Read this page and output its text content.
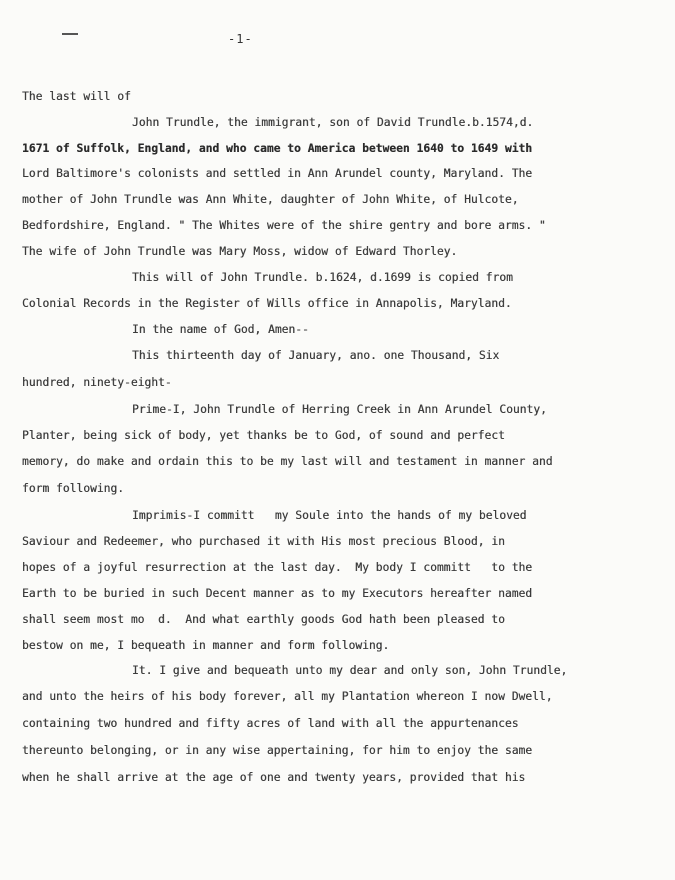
-1-

The last will of

John Trundle, the immigrant, son of David Trundle.b.1574,d.

1671 of Suffolk, England, and who came to America between 1640 to 1649 with

Lord Baltimore's colonists and settled in Ann Arundel county, Maryland. The

mother of John Trundle was Ann White, daughter of John White, of Hulcote,

Bedfordshire, England. " The Whites were of the shire gentry and bore arms. "

The wife of John Trundle was Mary Moss, widow of Edward Thorley.

This will of John Trundle. b.1624, d.1699 is copied from

Colonial Records in the Register of Wills office in Annapolis, Maryland.

In the name of God, Amen--

This thirteenth day of January, ano. one Thousand, Six

hundred, ninety-eight-

Prime-I, John Trundle of Herring Creek in Ann Arundel County,

Planter, being sick of body, yet thanks be to God, of sound and perfect

memory, do make and ordain this to be my last will and testament in manner and

form following.

Imprimis-I committ   my Soule into the hands of my beloved

Saviour and Redeemer, who purchased it with His most precious Blood, in

hopes of a joyful resurrection at the last day.  My body I committ   to the

Earth to be buried in such Decent manner as to my Executors hereafter named

shall seem most mo  d.  And what earthly goods God hath been pleased to

bestow on me, I bequeath in manner and form following.

It. I give and bequeath unto my dear and only son, John Trundle,

and unto the heirs of his body forever, all my Plantation whereon I now Dwell,

containing two hundred and fifty acres of land with all the appurtenances

thereunto belonging, or in any wise appertaining, for him to enjoy the same

when he shall arrive at the age of one and twenty years, provided that his
